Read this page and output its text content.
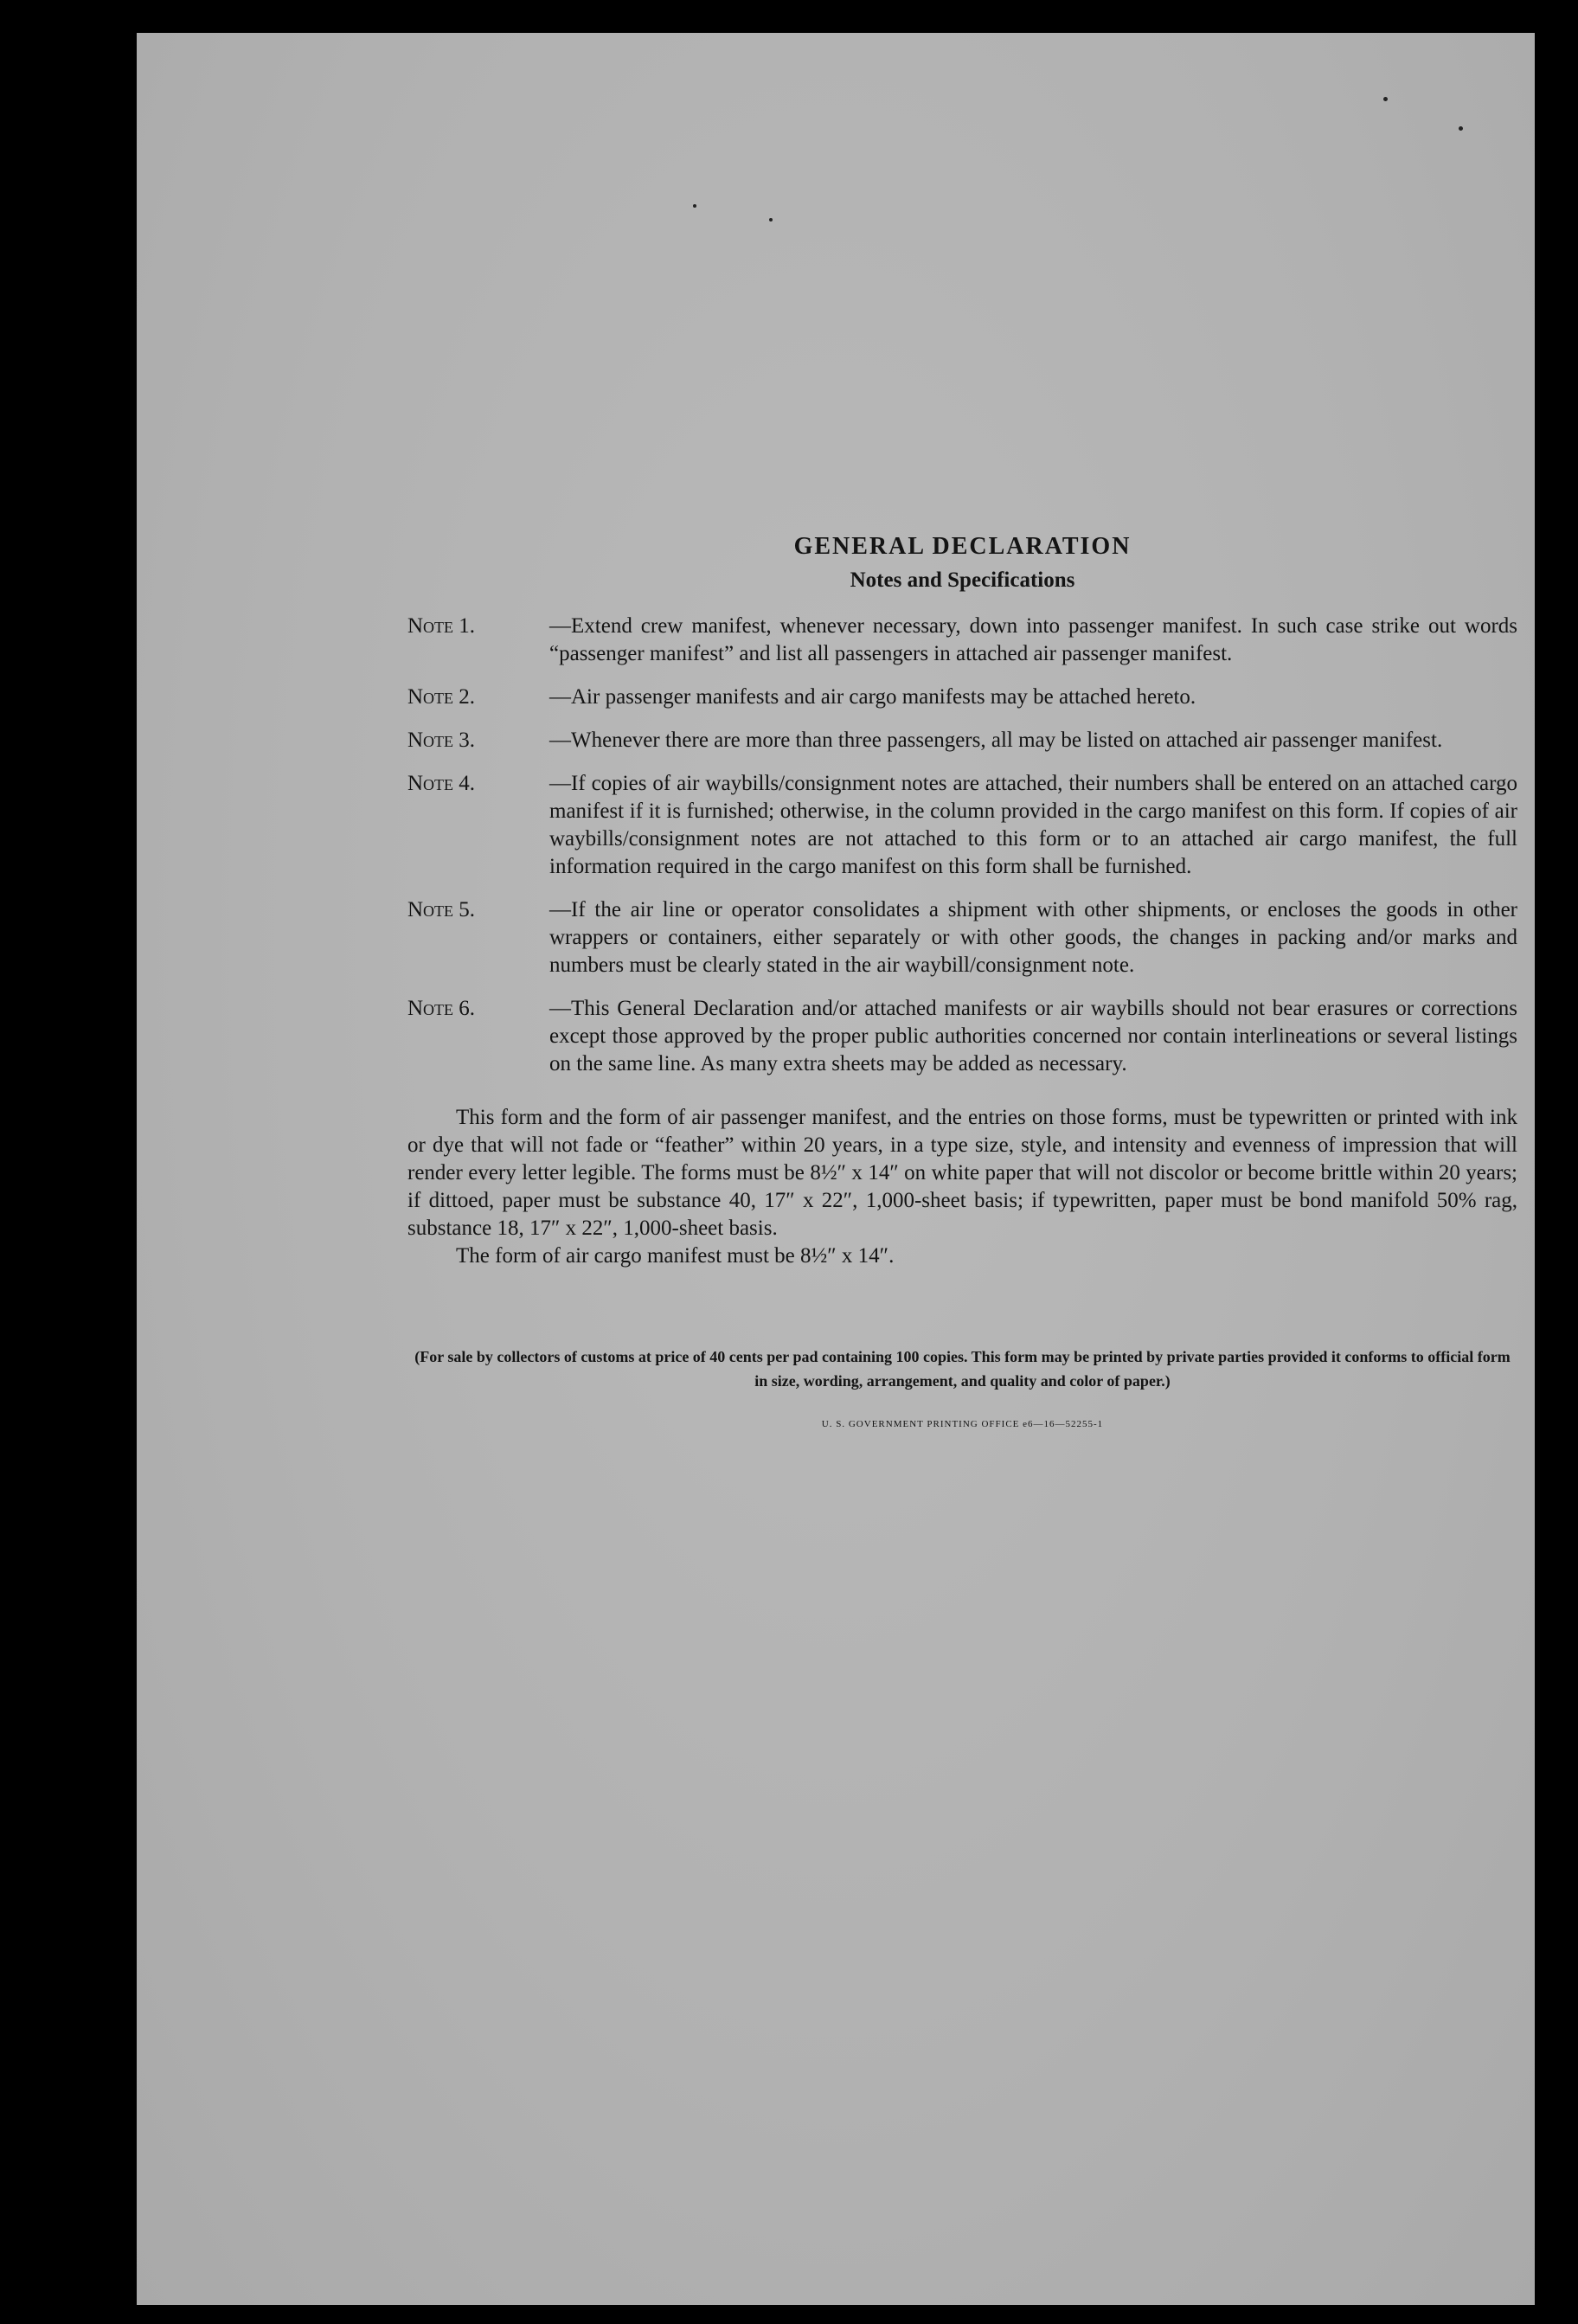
GENERAL DECLARATION
Notes and Specifications
Note 1.	—Extend crew manifest, whenever necessary, down into passenger manifest. In such case strike out words “passenger manifest” and list all passengers in attached air passenger manifest.
Note 2.	—Air passenger manifests and air cargo manifests may be attached hereto.
Note 3.	—Whenever there are more than three passengers, all may be listed on attached air passenger manifest.
Note 4.	—If copies of air waybills/consignment notes are attached, their numbers shall be entered on an attached cargo manifest if it is furnished; otherwise, in the column provided in the cargo manifest on this form. If copies of air waybills/consignment notes are not attached to this form or to an attached air cargo manifest, the full information required in the cargo manifest on this form shall be furnished.
Note 5.	—If the air line or operator consolidates a shipment with other shipments, or encloses the goods in other wrappers or containers, either separately or with other goods, the changes in packing and/or marks and numbers must be clearly stated in the air waybill/consignment note.
Note 6.	—This General Declaration and/or attached manifests or air waybills should not bear erasures or corrections except those approved by the proper public authorities concerned nor contain interlineations or several listings on the same line. As many extra sheets may be added as necessary.

This form and the form of air passenger manifest, and the entries on those forms, must be typewritten or printed with ink or dye that will not fade or “feather” within 20 years, in a type size, style, and intensity and evenness of impression that will render every letter legible. The forms must be 8½″ x 14″ on white paper that will not discolor or become brittle within 20 years; if dittoed, paper must be substance 40, 17″ x 22″, 1,000-sheet basis; if typewritten, paper must be bond manifold 50% rag, substance 18, 17″ x 22″, 1,000-sheet basis.

The form of air cargo manifest must be 8½″ x 14″.

(For sale by collectors of customs at price of 40 cents per pad containing 100 copies. This form may be printed by private parties provided it conforms to official form in size, wording, arrangement, and quality and color of paper.)
U. S. GOVERNMENT PRINTING OFFICE e6—16—52255-1
